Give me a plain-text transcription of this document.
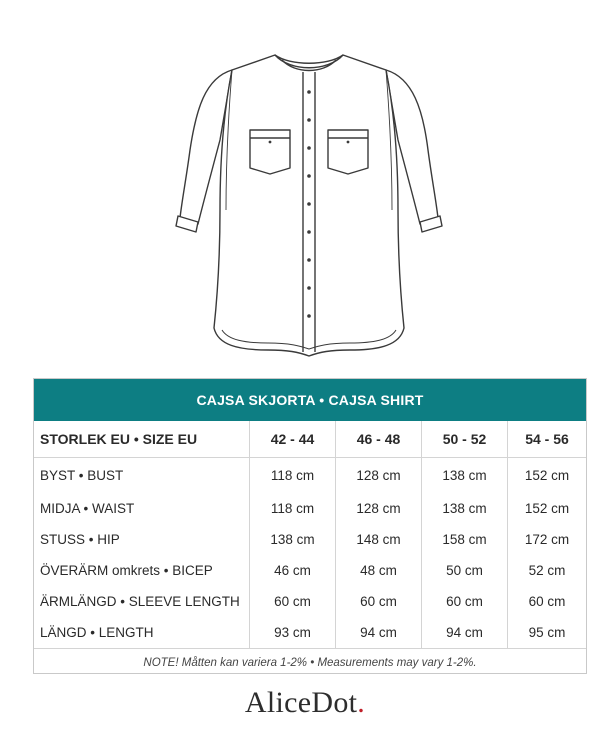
CAJSA SKJORTA • CAJSA SHIRT
STORLEK EU • SIZE EU	42 - 44	46 - 48	50 - 52	54 - 56
BYST • BUST	118 cm	128 cm	138 cm	152 cm
MIDJA • WAIST	118 cm	128 cm	138 cm	152 cm
STUSS • HIP	138 cm	148 cm	158 cm	172 cm
ÖVERÄRM omkrets • BICEP	46 cm	48 cm	50 cm	52 cm
ÄRMLÄNGD • SLEEVE LENGTH	60 cm	60 cm	60 cm	60 cm
LÄNGD • LENGTH	93 cm	94 cm	94 cm	95 cm
NOTE! Måtten kan variera 1-2% • Measurements may vary 1-2%.
AliceDot.
